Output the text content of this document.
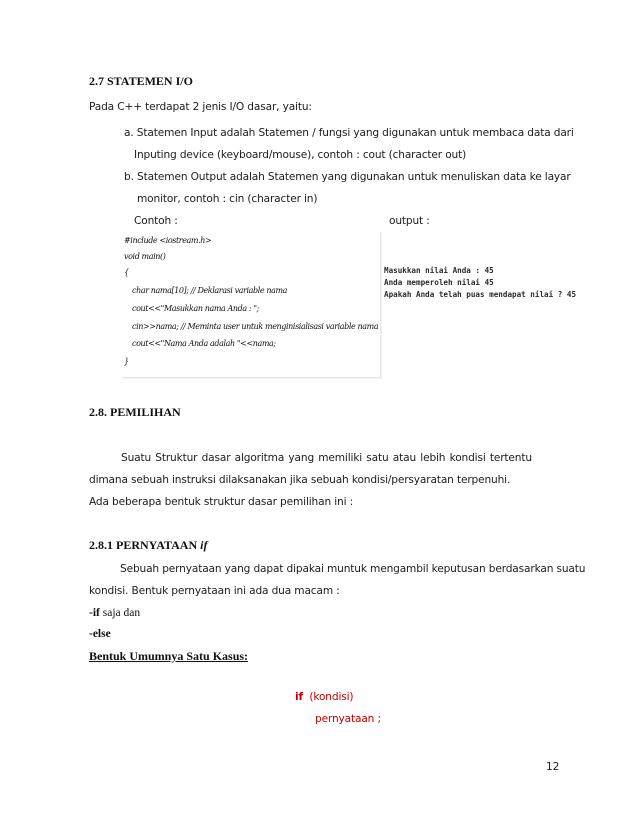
2.7 STATEMEN I/O
Pada C++ terdapat 2 jenis I/O dasar, yaitu:
a. Statemen Input adalah Statemen / fungsi yang digunakan untuk membaca data dari
Inputing device (keyboard/mouse), contoh : cout (character out)
b. Statemen Output adalah Statemen yang digunakan untuk menuliskan data ke layar
monitor, contoh : cin (character in)
Contoh :	output :
#include <iostream.h>
void main()
{
char nama[10]; // Deklarasi variable nama
cout<<"Masukkan nama Anda : ";
cin>>nama; // Meminta user untuk menginisialisasi variable nama
cout<<"Nama Anda adalah "<<nama;
}
Masukkan nilai Anda : 45
Anda memperoleh nilai 45
Apakah Anda telah puas mendapat nilai ? 45
2.8. PEMILIHAN
Suatu Struktur dasar algoritma yang memiliki satu atau lebih kondisi tertentu
dimana sebuah instruksi dilaksanakan jika sebuah kondisi/persyaratan terpenuhi.
Ada beberapa bentuk struktur dasar pemilihan ini :
2.8.1 PERNYATAAN if
Sebuah pernyataan yang dapat dipakai muntuk mengambil keputusan berdasarkan suatu
kondisi. Bentuk pernyataan ini ada dua macam :
-if saja dan
-else
Bentuk Umumnya Satu Kasus:
if (kondisi)
pernyataan ;
12
